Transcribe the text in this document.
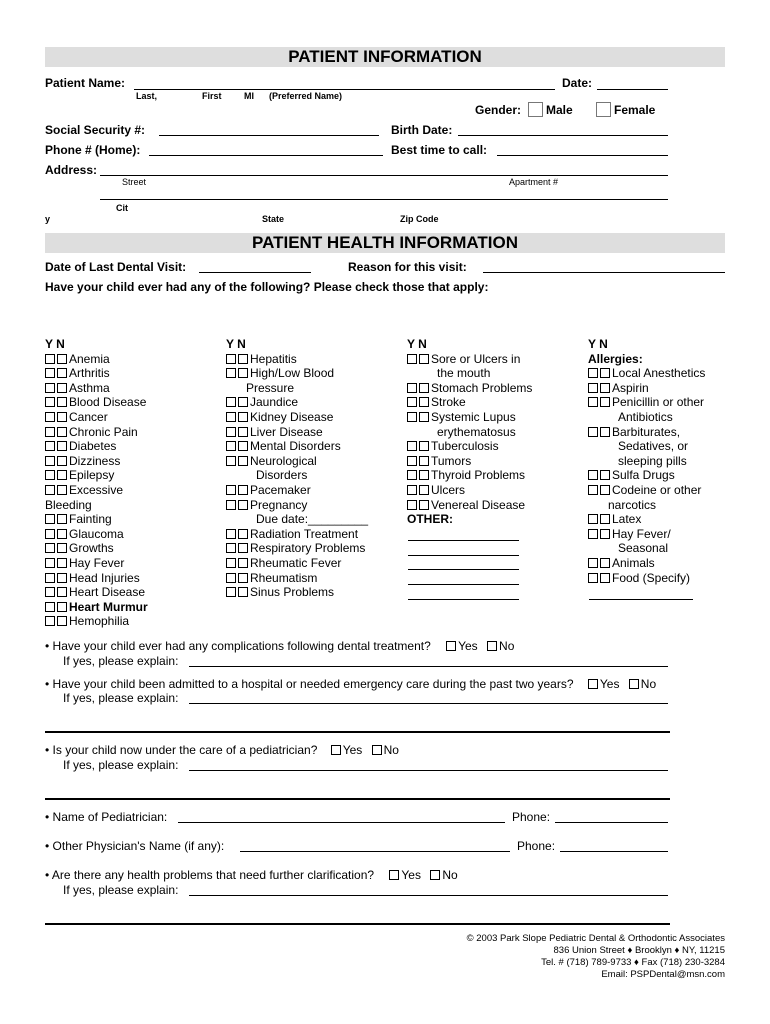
PATIENT INFORMATION
Patient Name:	Date:
Last,	First MI (Preferred Name)
Gender: Male	Female
Social Security #:	Birth Date:
Phone # (Home):	Best time to call:
Address:
Street	Apartment #
Cit
y	State	Zip Code
PATIENT HEALTH INFORMATION
Date of Last Dental Visit:	Reason for this visit:
Have your child ever had any of the following? Please check those that apply:
Y N
Anemia
Arthritis
Asthma
Blood Disease
Cancer
Chronic Pain
Diabetes
Dizziness
Epilepsy
Excessive
Bleeding
Fainting
Glaucoma
Growths
Hay Fever
Head Injuries
Heart Disease
Heart Murmur
Hemophilia
Y N
Hepatitis
High/Low Blood
Pressure
Jaundice
Kidney Disease
Liver Disease
Mental Disorders
Neurological
Disorders
Pacemaker
Pregnancy
Due date:_________
Radiation Treatment
Respiratory Problems
Rheumatic Fever
Rheumatism
Sinus Problems
Y N
Sore or Ulcers in
the mouth
Stomach Problems
Stroke
Systemic Lupus
erythematosus
Tuberculosis
Tumors
Thyroid Problems
Ulcers
Venereal Disease
OTHER:
Y N
Allergies:
Local Anesthetics
Aspirin
Penicillin or other
Antibiotics
Barbiturates,
Sedatives, or
sleeping pills
Sulfa Drugs
Codeine or other
narcotics
Latex
Hay Fever/
Seasonal
Animals
Food (Specify)
• Have your child ever had any complications following dental treatment? Yes No
If yes, please explain:
• Have your child been admitted to a hospital or needed emergency care during the past two years? Yes No
If yes, please explain:
• Is your child now under the care of a pediatrician? Yes No
If yes, please explain:
• Name of Pediatrician:	Phone:
• Other Physician's Name (if any):	Phone:
• Are there any health problems that need further clarification? Yes No
If yes, please explain:
© 2003 Park Slope Pediatric Dental & Orthodontic Associates
836 Union Street ♦ Brooklyn ♦ NY, 11215
Tel. # (718) 789-9733 ♦ Fax (718) 230-3284
Email: PSPDental@msn.com
